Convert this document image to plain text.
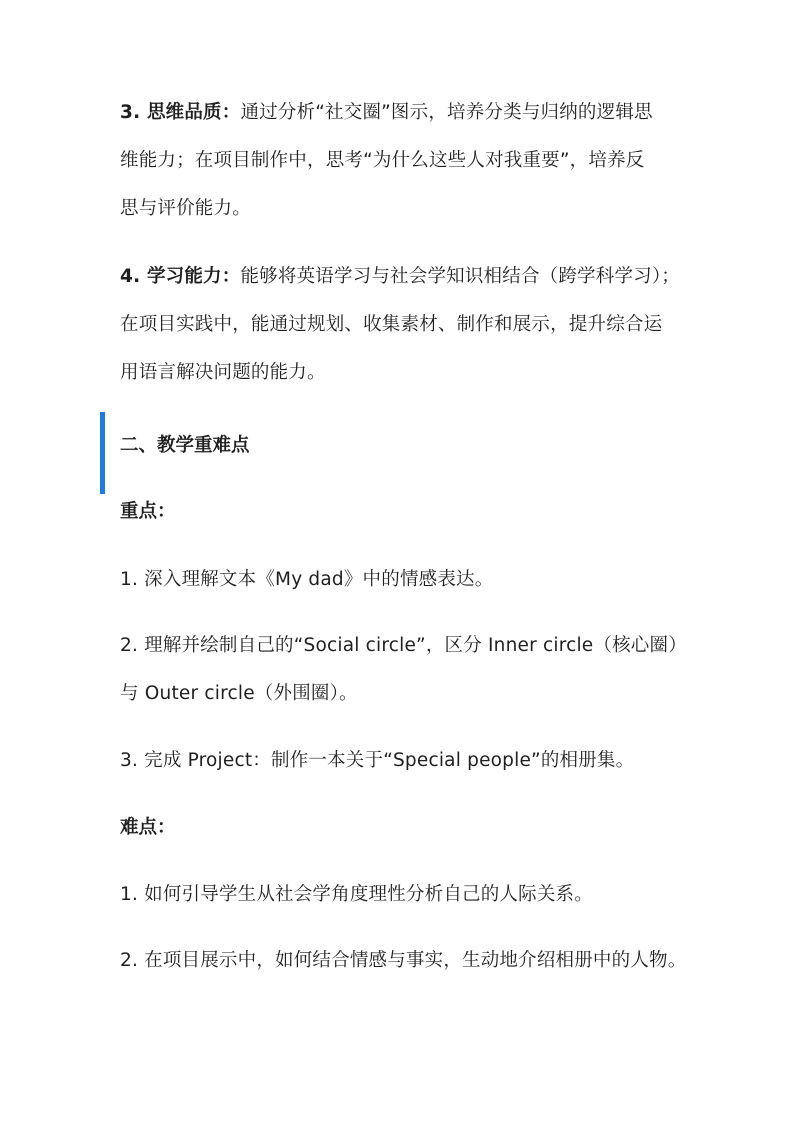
3. 思维品质：通过分析“社交圈”图示，培养分类与归纳的逻辑思
维能力；在项目制作中，思考“为什么这些人对我重要”，培养反
思与评价能力。
4. 学习能力：能够将英语学习与社会学知识相结合（跨学科学习）；
在项目实践中，能通过规划、收集素材、制作和展示，提升综合运
用语言解决问题的能力。

二、教学重难点

重点：

1. 深入理解文本《My dad》中的情感表达。
2. 理解并绘制自己的“Social circle”，区分 Inner circle（核心圈）
与 Outer circle（外围圈）。
3. 完成 Project：制作一本关于“Special people”的相册集。

难点：

1. 如何引导学生从社会学角度理性分析自己的人际关系。
2. 在项目展示中，如何结合情感与事实，生动地介绍相册中的人物。
